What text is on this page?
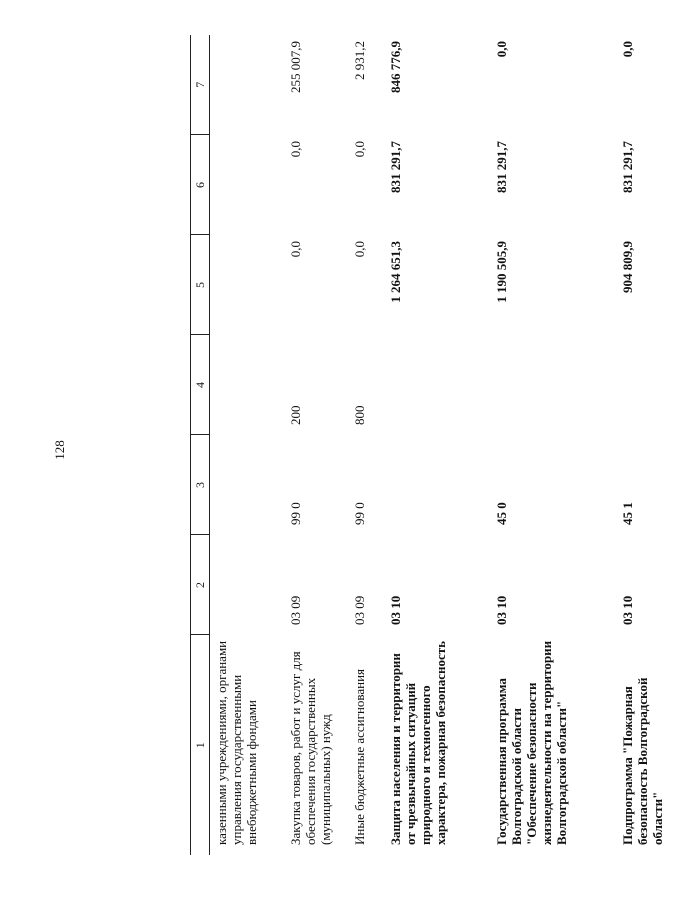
128
1	2	3	4	5	6	7
казенными учреждениями, органами управления государственными внебюджетными фондами						
Закупка товаров, работ и услуг для обеспечения государственных (муниципальных) нужд	03 09	99 0	200	0,0	0,0	255 007,9
Иные бюджетные ассигнования	03 09	99 0	800	0,0	0,0	2 931,2
Защита населения и территории от чрезвычайных ситуаций природного и техногенного характера, пожарная безопасность	03 10			1 264 651,3	831 291,7	846 776,9
Государственная программа Волгоградской области "Обеспечение безопасности жизнедеятельности на территории Волгоградской области"	03 10	45 0		1 190 505,9	831 291,7	0,0
Подпрограмма "Пожарная безопасность Волгоградской области"	03 10	45 1		904 809,9	831 291,7	0,0
